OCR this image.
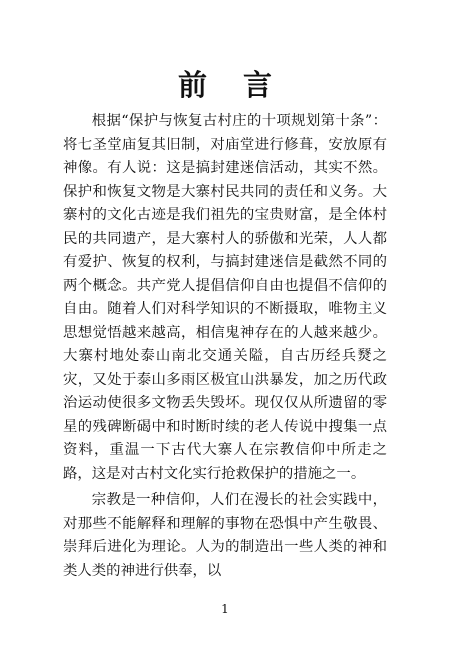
前言

根据“保护与恢复古村庄的十项规划第十条”：将七圣堂庙复其旧制，对庙堂进行修葺，安放原有神像。有人说：这是搞封建迷信活动，其实不然。保护和恢复文物是大寨村民共同的责任和义务。大寨村的文化古迹是我们祖先的宝贵财富，是全体村民的共同遗产，是大寨村人的骄傲和光荣，人人都有爱护、恢复的权利，与搞封建迷信是截然不同的两个概念。共产党人提倡信仰自由也提倡不信仰的自由。随着人们对科学知识的不断摄取，唯物主义思想觉悟越来越高，相信鬼神存在的人越来越少。大寨村地处泰山南北交通关隘，自古历经兵燹之灾，又处于泰山多雨区极宜山洪暴发，加之历代政治运动使很多文物丢失毁坏。现仅仅从所遗留的零星的残碑断碣中和时断时续的老人传说中搜集一点资料，重温一下古代大寨人在宗教信仰中所走之路，这是对古村文化实行抢救保护的措施之一。

宗教是一种信仰，人们在漫长的社会实践中，对那些不能解释和理解的事物在恐惧中产生敬畏、崇拜后进化为理论。人为的制造出一些人类的神和类人类的神进行供奉，以

1
